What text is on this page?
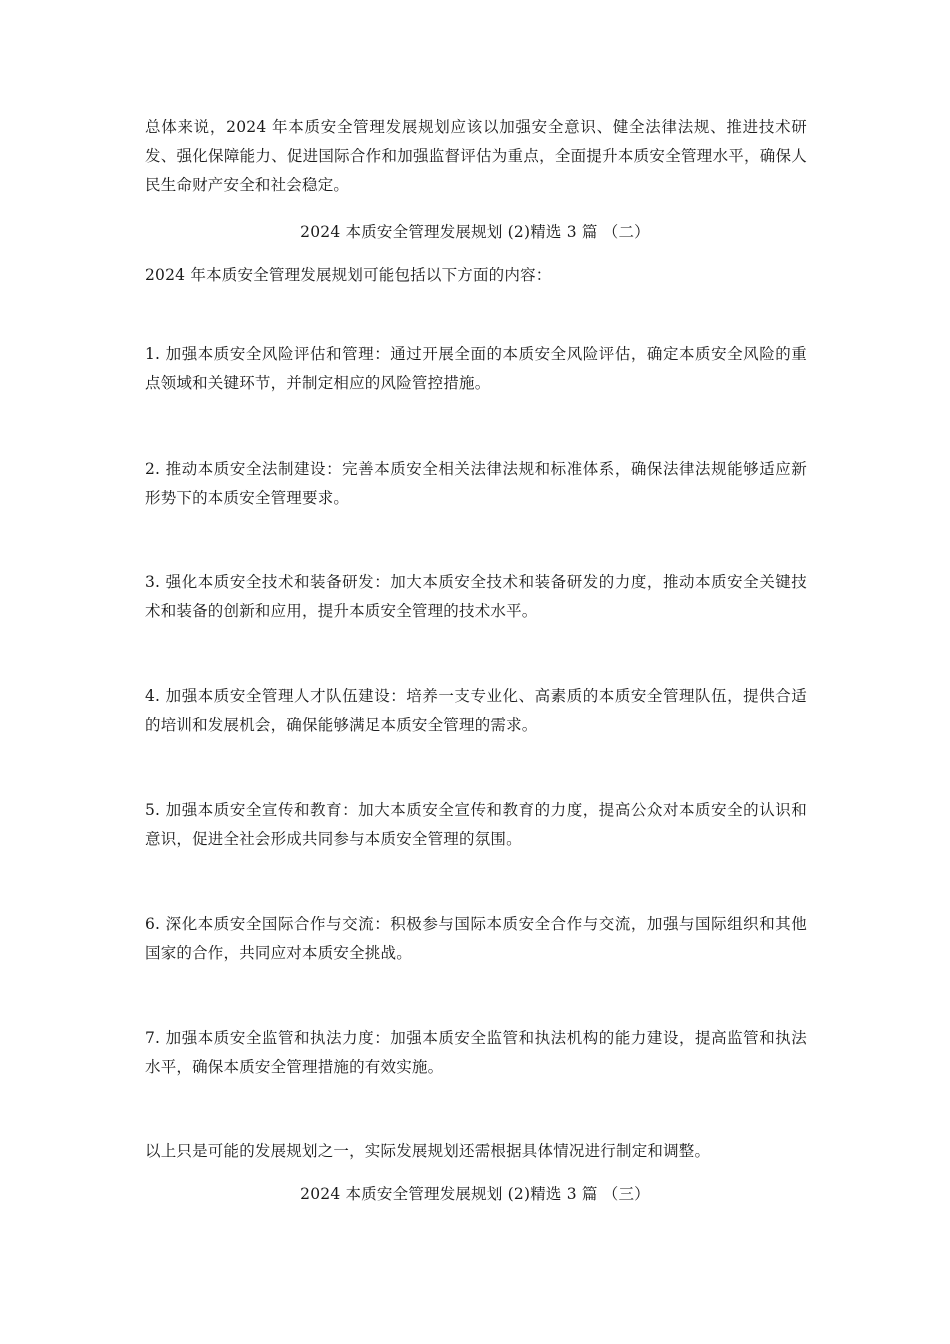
总体来说，2024 年本质安全管理发展规划应该以加强安全意识、健全法律法规、推进技术研发、强化保障能力、促进国际合作和加强监督评估为重点，全面提升本质安全管理水平，确保人民生命财产安全和社会稳定。

2024 本质安全管理发展规划 (2)精选 3 篇 （二）

2024 年本质安全管理发展规划可能包括以下方面的内容：

1. 加强本质安全风险评估和管理：通过开展全面的本质安全风险评估，确定本质安全风险的重点领域和关键环节，并制定相应的风险管控措施。

2. 推动本质安全法制建设：完善本质安全相关法律法规和标准体系，确保法律法规能够适应新形势下的本质安全管理要求。

3. 强化本质安全技术和装备研发：加大本质安全技术和装备研发的力度，推动本质安全关键技术和装备的创新和应用，提升本质安全管理的技术水平。

4. 加强本质安全管理人才队伍建设：培养一支专业化、高素质的本质安全管理队伍，提供合适的培训和发展机会，确保能够满足本质安全管理的需求。

5. 加强本质安全宣传和教育：加大本质安全宣传和教育的力度，提高公众对本质安全的认识和意识，促进全社会形成共同参与本质安全管理的氛围。

6. 深化本质安全国际合作与交流：积极参与国际本质安全合作与交流，加强与国际组织和其他国家的合作，共同应对本质安全挑战。

7. 加强本质安全监管和执法力度：加强本质安全监管和执法机构的能力建设，提高监管和执法水平，确保本质安全管理措施的有效实施。

以上只是可能的发展规划之一，实际发展规划还需根据具体情况进行制定和调整。

2024 本质安全管理发展规划 (2)精选 3 篇 （三）
